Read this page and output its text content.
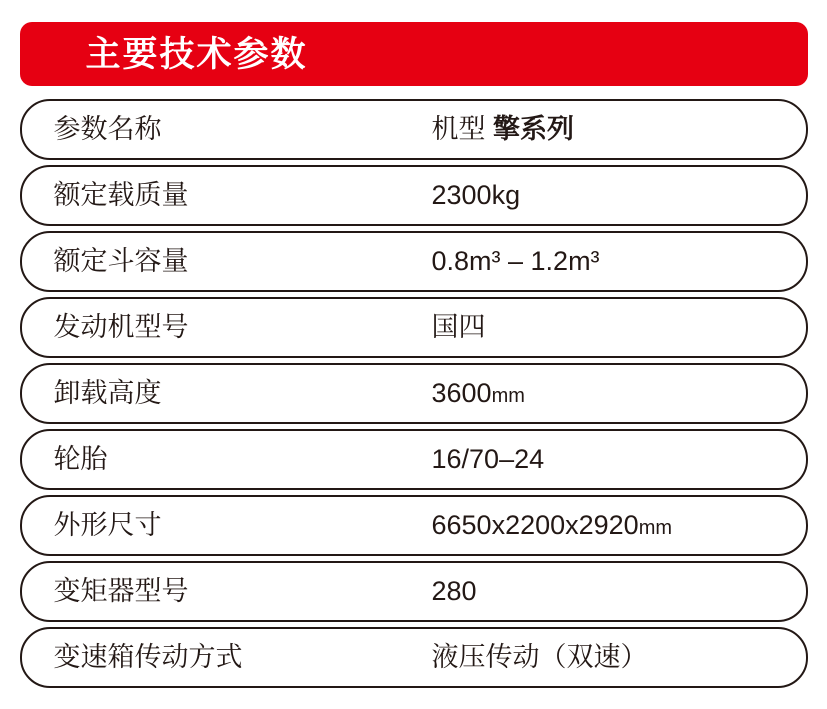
主要技术参数
参数名称	机型 擎系列
额定载质量	2300kg
额定斗容量	0.8m³ – 1.2m³
发动机型号	国四
卸载高度	3600mm
轮胎	16/70–24
外形尺寸	6650x2200x2920mm
变矩器型号	280
变速箱传动方式	液压传动（双速）
